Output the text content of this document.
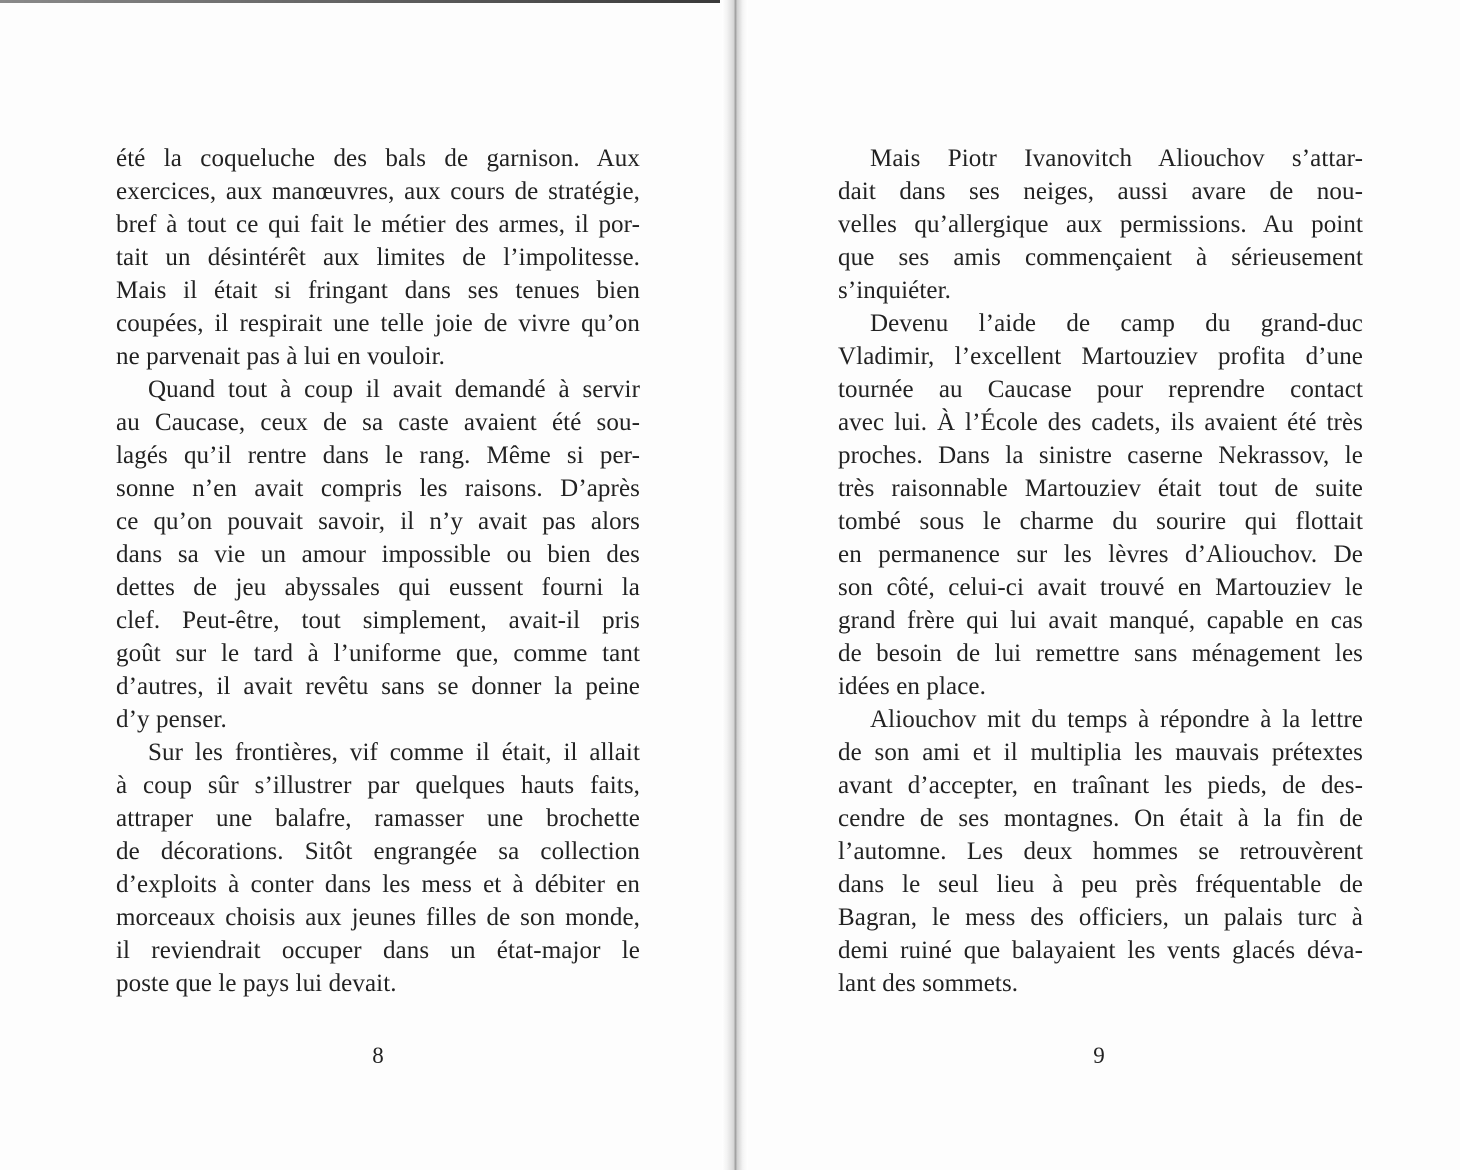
été la coqueluche des bals de garnison. Aux
exercices, aux manœuvres, aux cours de stratégie,
bref à tout ce qui fait le métier des armes, il por-
tait un désintérêt aux limites de l’impolitesse.
Mais il était si fringant dans ses tenues bien
coupées, il respirait une telle joie de vivre qu’on
ne parvenait pas à lui en vouloir.
Quand tout à coup il avait demandé à servir
au Caucase, ceux de sa caste avaient été sou-
lagés qu’il rentre dans le rang. Même si per-
sonne n’en avait compris les raisons. D’après
ce qu’on pouvait savoir, il n’y avait pas alors
dans sa vie un amour impossible ou bien des
dettes de jeu abyssales qui eussent fourni la
clef. Peut-être, tout simplement, avait-il pris
goût sur le tard à l’uniforme que, comme tant
d’autres, il avait revêtu sans se donner la peine
d’y penser.
Sur les frontières, vif comme il était, il allait
à coup sûr s’illustrer par quelques hauts faits,
attraper une balafre, ramasser une brochette
de décorations. Sitôt engrangée sa collection
d’exploits à conter dans les mess et à débiter en
morceaux choisis aux jeunes filles de son monde,
il reviendrait occuper dans un état-major le
poste que le pays lui devait.
8
Mais Piotr Ivanovitch Aliouchov s’attar-
dait dans ses neiges, aussi avare de nou-
velles qu’allergique aux permissions. Au point
que ses amis commençaient à sérieusement
s’inquiéter.
Devenu l’aide de camp du grand-duc
Vladimir, l’excellent Martouziev profita d’une
tournée au Caucase pour reprendre contact
avec lui. À l’École des cadets, ils avaient été très
proches. Dans la sinistre caserne Nekrassov, le
très raisonnable Martouziev était tout de suite
tombé sous le charme du sourire qui flottait
en permanence sur les lèvres d’Aliouchov. De
son côté, celui-ci avait trouvé en Martouziev le
grand frère qui lui avait manqué, capable en cas
de besoin de lui remettre sans ménagement les
idées en place.
Aliouchov mit du temps à répondre à la lettre
de son ami et il multiplia les mauvais prétextes
avant d’accepter, en traînant les pieds, de des-
cendre de ses montagnes. On était à la fin de
l’automne. Les deux hommes se retrouvèrent
dans le seul lieu à peu près fréquentable de
Bagran, le mess des officiers, un palais turc à
demi ruiné que balayaient les vents glacés déva-
lant des sommets.
9
